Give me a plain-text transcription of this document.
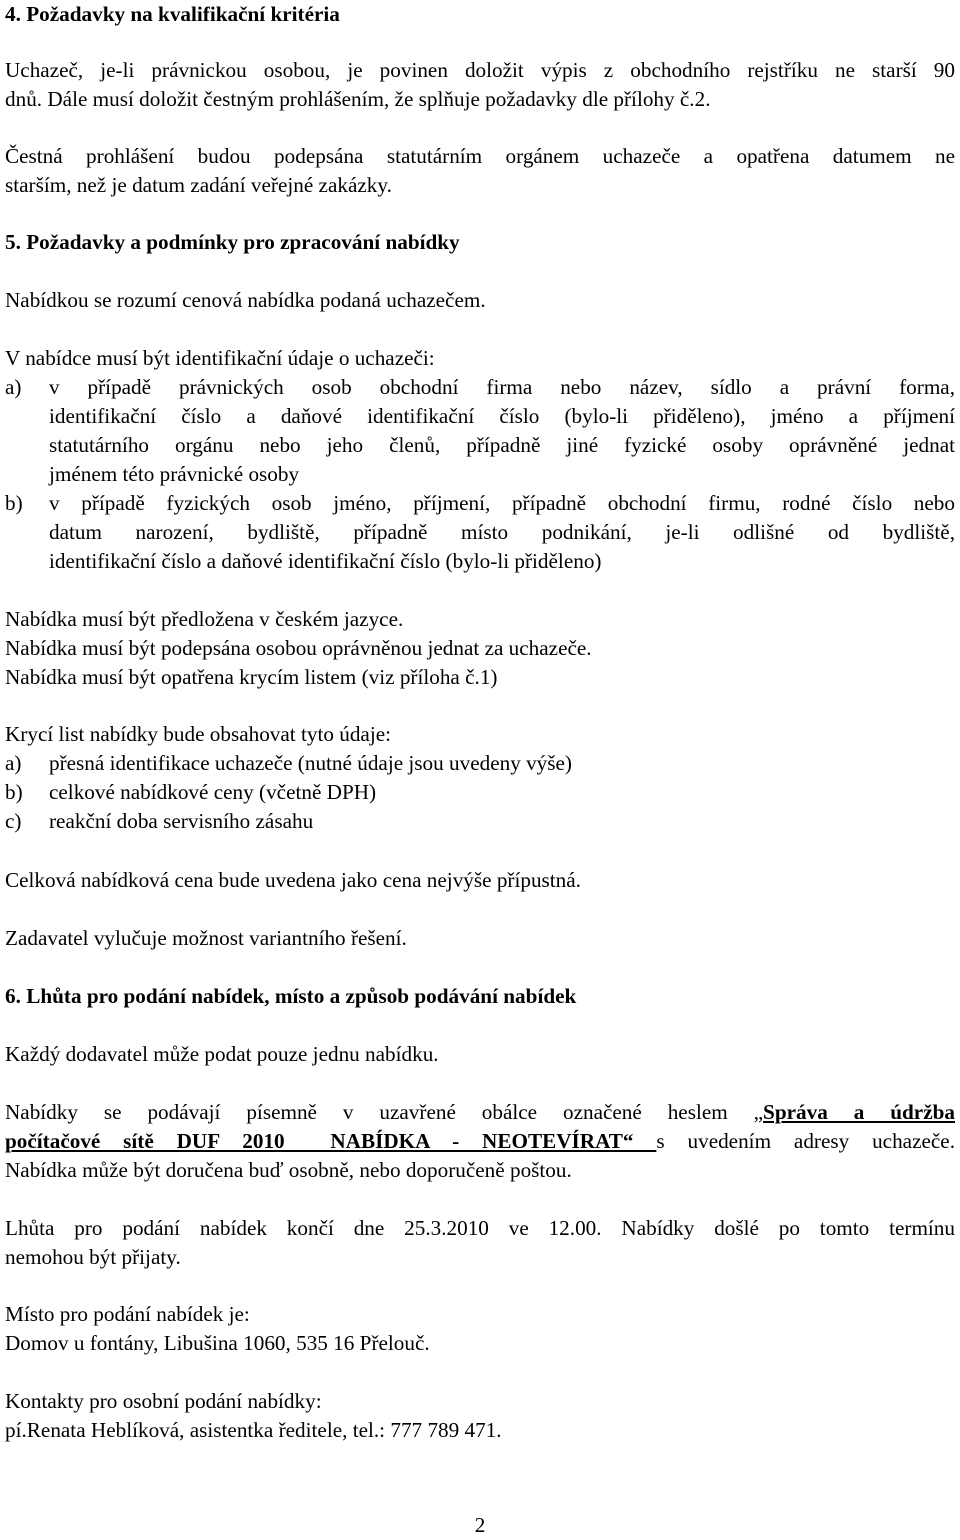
4. Požadavky na kvalifikační kritéria

Uchazeč, je-li právnickou osobou, je povinen doložit výpis z obchodního rejstříku ne starší 90
dnů. Dále musí doložit čestným prohlášením, že splňuje požadavky dle přílohy č.2.
Čestná prohlášení budou podepsána statutárním orgánem uchazeče a opatřena datumem ne
starším, než je datum zadání veřejné zakázky.

5. Požadavky a podmínky pro zpracování nabídky

Nabídkou se rozumí cenová nabídka podaná uchazečem.
V nabídce musí být identifikační údaje o uchazeči:
a) v případě právnických osob obchodní firma nebo název, sídlo a právní forma,
identifikační číslo a daňové identifikační číslo (bylo-li přiděleno), jméno a příjmení
statutárního orgánu nebo jeho členů, případně jiné fyzické osoby oprávněné jednat
jménem této právnické osoby
b) v případě fyzických osob jméno, příjmení, případně obchodní firmu, rodné číslo nebo
datum narození, bydliště, případně místo podnikání, je-li odlišné od bydliště,
identifikační číslo a daňové identifikační číslo (bylo-li přiděleno)
Nabídka musí být předložena v českém jazyce.
Nabídka musí být podepsána osobou oprávněnou jednat za uchazeče.
Nabídka musí být opatřena krycím listem (viz příloha č.1)
Krycí list nabídky bude obsahovat tyto údaje:
a) přesná identifikace uchazeče (nutné údaje jsou uvedeny výše)
b) celkové nabídkové ceny (včetně DPH)
c) reakční doba servisního zásahu
Celková nabídková cena bude uvedena jako cena nejvýše přípustná.
Zadavatel vylučuje možnost variantního řešení.

6. Lhůta pro podání nabídek, místo a způsob podávání nabídek

Každý dodavatel může podat pouze jednu nabídku.
Nabídky se podávají písemně v uzavřené obálce označené heslem „Správa a údržba
počítačové sítě DUF 2010  NABÍDKA - NEOTEVÍRAT“ s uvedením adresy uchazeče.
Nabídka může být doručena buď osobně, nebo doporučeně poštou.
Lhůta pro podání nabídek končí dne 25.3.2010 ve 12.00. Nabídky došlé po tomto termínu
nemohou být přijaty.
Místo pro podání nabídek je:
Domov u fontány, Libušina 1060, 535 16 Přelouč.
Kontakty pro osobní podání nabídky:
pí.Renata Heblíková, asistentka ředitele, tel.: 777 789 471.
2
